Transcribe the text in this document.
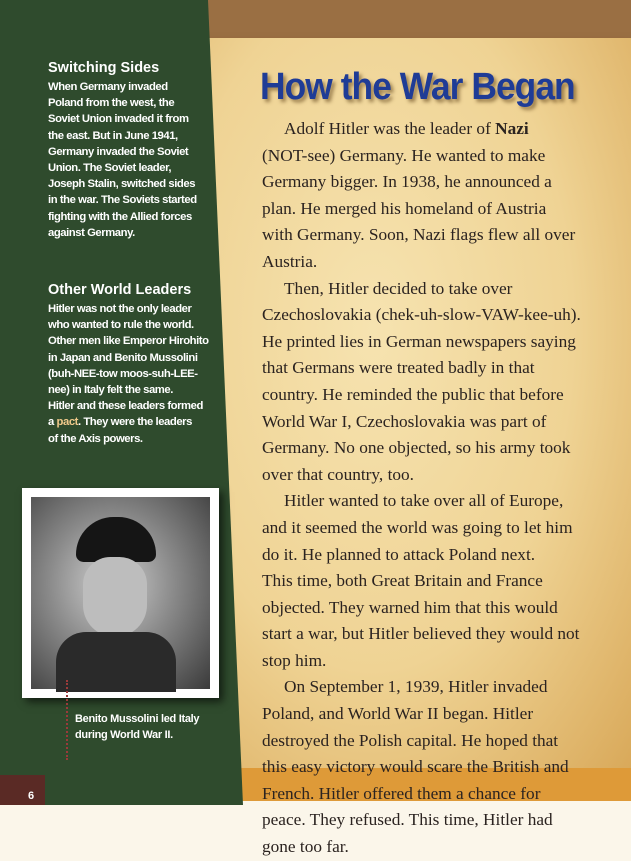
Switching Sides

When Germany invaded
Poland from the west, the
Soviet Union invaded it from
the east. But in June 1941,
Germany invaded the Soviet
Union. The Soviet leader,
Joseph Stalin, switched sides
in the war. The Soviets started
fighting with the Allied forces
against Germany.

Other World Leaders

Hitler was not the only leader
who wanted to rule the world.
Other men like Emperor Hirohito
in Japan and Benito Mussolini
(buh-NEE-tow moos-suh-LEE-
nee) in Italy felt the same.
Hitler and these leaders formed
a pact. They were the leaders
of the Axis powers.

Benito Mussolini led Italy
during World War II.
6
How the War Began
Adolf Hitler was the leader of Nazi
(NOT-see) Germany. He wanted to make
Germany bigger. In 1938, he announced a
plan. He merged his homeland of Austria
with Germany. Soon, Nazi flags flew all over
Austria.
Then, Hitler decided to take over
Czechoslovakia (chek-uh-slow-VAW-kee-uh).
He printed lies in German newspapers saying
that Germans were treated badly in that
country. He reminded the public that before
World War I, Czechoslovakia was part of
Germany. No one objected, so his army took
over that country, too.
Hitler wanted to take over all of Europe,
and it seemed the world was going to let him
do it. He planned to attack Poland next.
This time, both Great Britain and France
objected. They warned him that this would
start a war, but Hitler believed they would not
stop him.
On September 1, 1939, Hitler invaded
Poland, and World War II began. Hitler
destroyed the Polish capital. He hoped that
this easy victory would scare the British and
French. Hitler offered them a chance for
peace. They refused. This time, Hitler had
gone too far.
